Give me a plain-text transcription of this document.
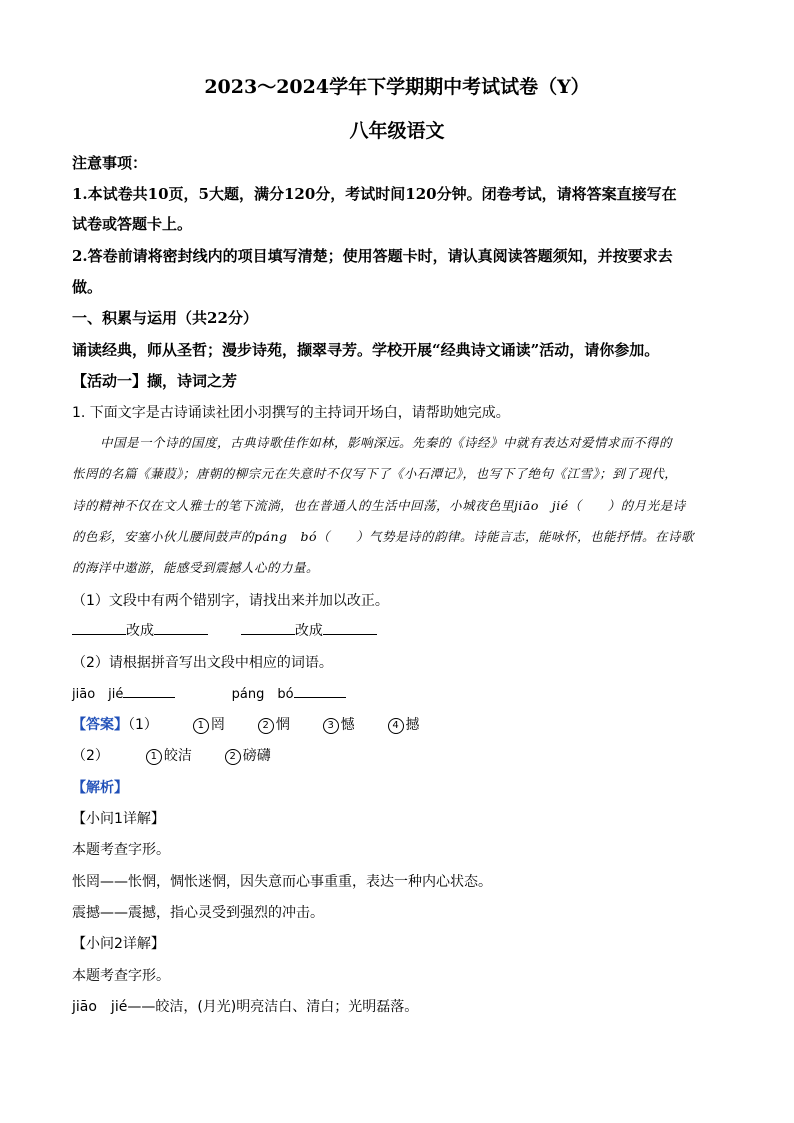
2023～2024学年下学期期中考试试卷（Y）
八年级语文
注意事项：
1.本试卷共10页，5大题，满分120分，考试时间120分钟。闭卷考试，请将答案直接写在
试卷或答题卡上。
2.答卷前请将密封线内的项目填写清楚；使用答题卡时，请认真阅读答题须知，并按要求去
做。
一、积累与运用（共22分）
诵读经典，师从圣哲；漫步诗苑，撷翠寻芳。学校开展“经典诗文诵读”活动，请你参加。
【活动一】撷，诗词之芳
1. 下面文字是古诗诵读社团小羽撰写的主持词开场白，请帮助她完成。
中国是一个诗的国度，古典诗歌佳作如林，影响深远。先秦的《诗经》中就有表达对爱情求而不得的
怅罔的名篇《蒹葭》；唐朝的柳宗元在失意时不仅写下了《小石潭记》，也写下了绝句《江雪》；到了现代，
诗的精神不仅在文人雅士的笔下流淌，也在普通人的生活中回荡，小城夜色里jiāo　jié（　　）的月光是诗
的色彩，安塞小伙儿腰间鼓声的páng　bó（　　）气势是诗的韵律。诗能言志，能咏怀，也能抒情。在诗歌
的海洋中遨游，能感受到震撼人心的力量。
（1）文段中有两个错别字，请找出来并加以改正。
改成	改成
（2）请根据拼音写出文段中相应的词语。
jiāo　jié	páng　bó
【答案】（1）	1 罔	2 惘	3 憾	4 撼
（2）	1 皎洁	2 磅礴
【解析】
【小问1详解】
本题考查字形。
怅罔——怅惘，惆怅迷惘，因失意而心事重重，表达一种内心状态。
震撼——震撼，指心灵受到强烈的冲击。
【小问2详解】
本题考查字形。
jiāo　jié——皎洁，(月光)明亮洁白、清白；光明磊落。
